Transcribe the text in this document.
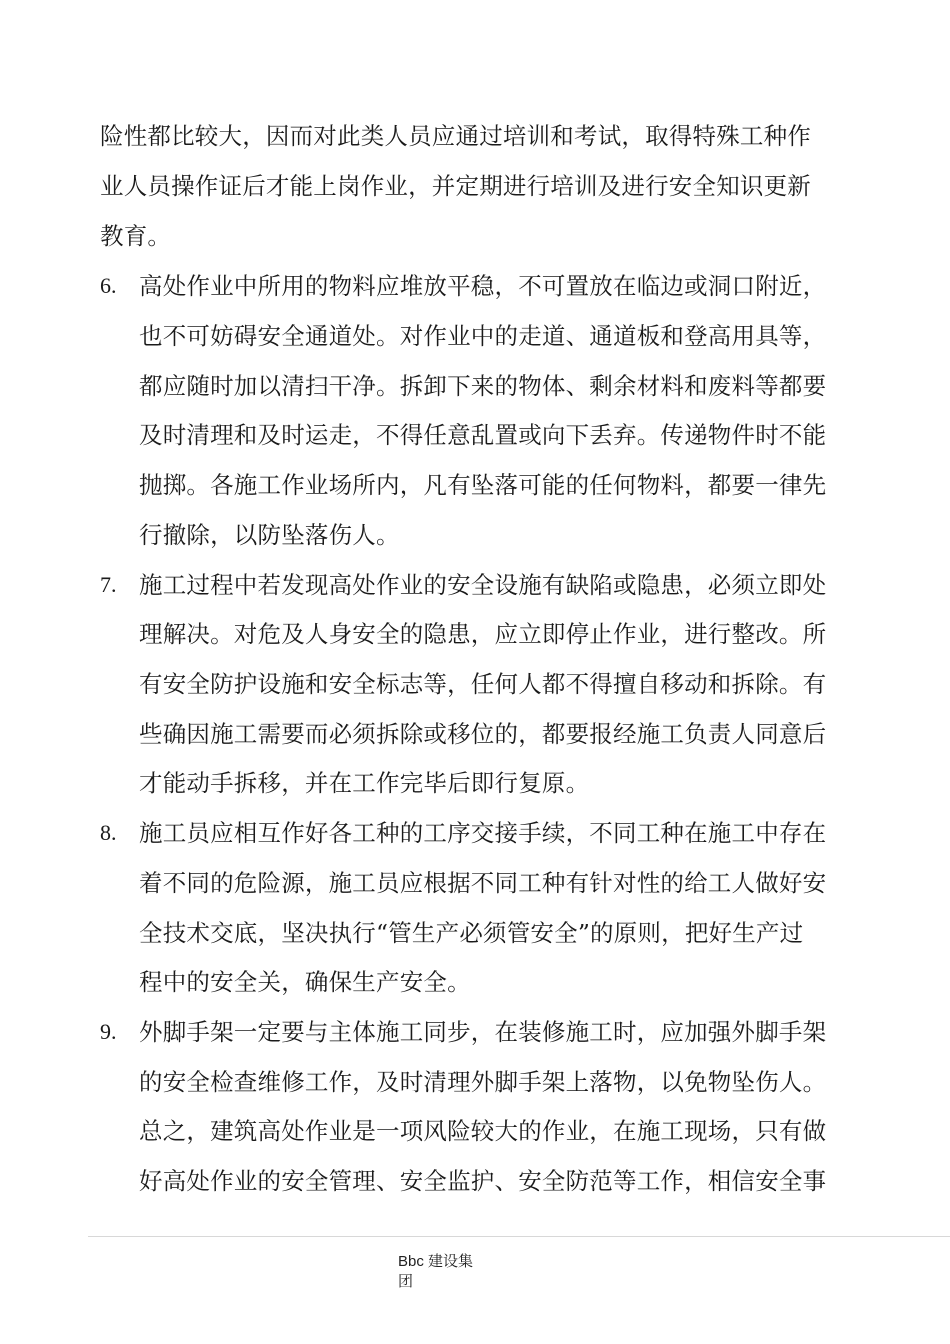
险性都比较大，因而对此类人员应通过培训和考试，取得特殊工种作
业人员操作证后才能上岗作业，并定期进行培训及进行安全知识更新
教育。
6. 高处作业中所用的物料应堆放平稳，不可置放在临边或洞口附近，
也不可妨碍安全通道处。对作业中的走道、通道板和登高用具等，
都应随时加以清扫干净。拆卸下来的物体、剩余材料和废料等都要
及时清理和及时运走，不得任意乱置或向下丢弃。传递物件时不能
抛掷。各施工作业场所内，凡有坠落可能的任何物料，都要一律先
行撤除，以防坠落伤人。
7. 施工过程中若发现高处作业的安全设施有缺陷或隐患，必须立即处
理解决。对危及人身安全的隐患，应立即停止作业，进行整改。所
有安全防护设施和安全标志等，任何人都不得擅自移动和拆除。有
些确因施工需要而必须拆除或移位的，都要报经施工负责人同意后
才能动手拆移，并在工作完毕后即行复原。
8. 施工员应相互作好各工种的工序交接手续，不同工种在施工中存在
着不同的危险源，施工员应根据不同工种有针对性的给工人做好安
全技术交底，坚决执行“管生产必须管安全”的原则，把好生产过
程中的安全关，确保生产安全。
9. 外脚手架一定要与主体施工同步，在装修施工时，应加强外脚手架
的安全检查维修工作，及时清理外脚手架上落物，以免物坠伤人。
总之，建筑高处作业是一项风险较大的作业，在施工现场，只有做
好高处作业的安全管理、安全监护、安全防范等工作，相信安全事
Bbc 建设集
团
